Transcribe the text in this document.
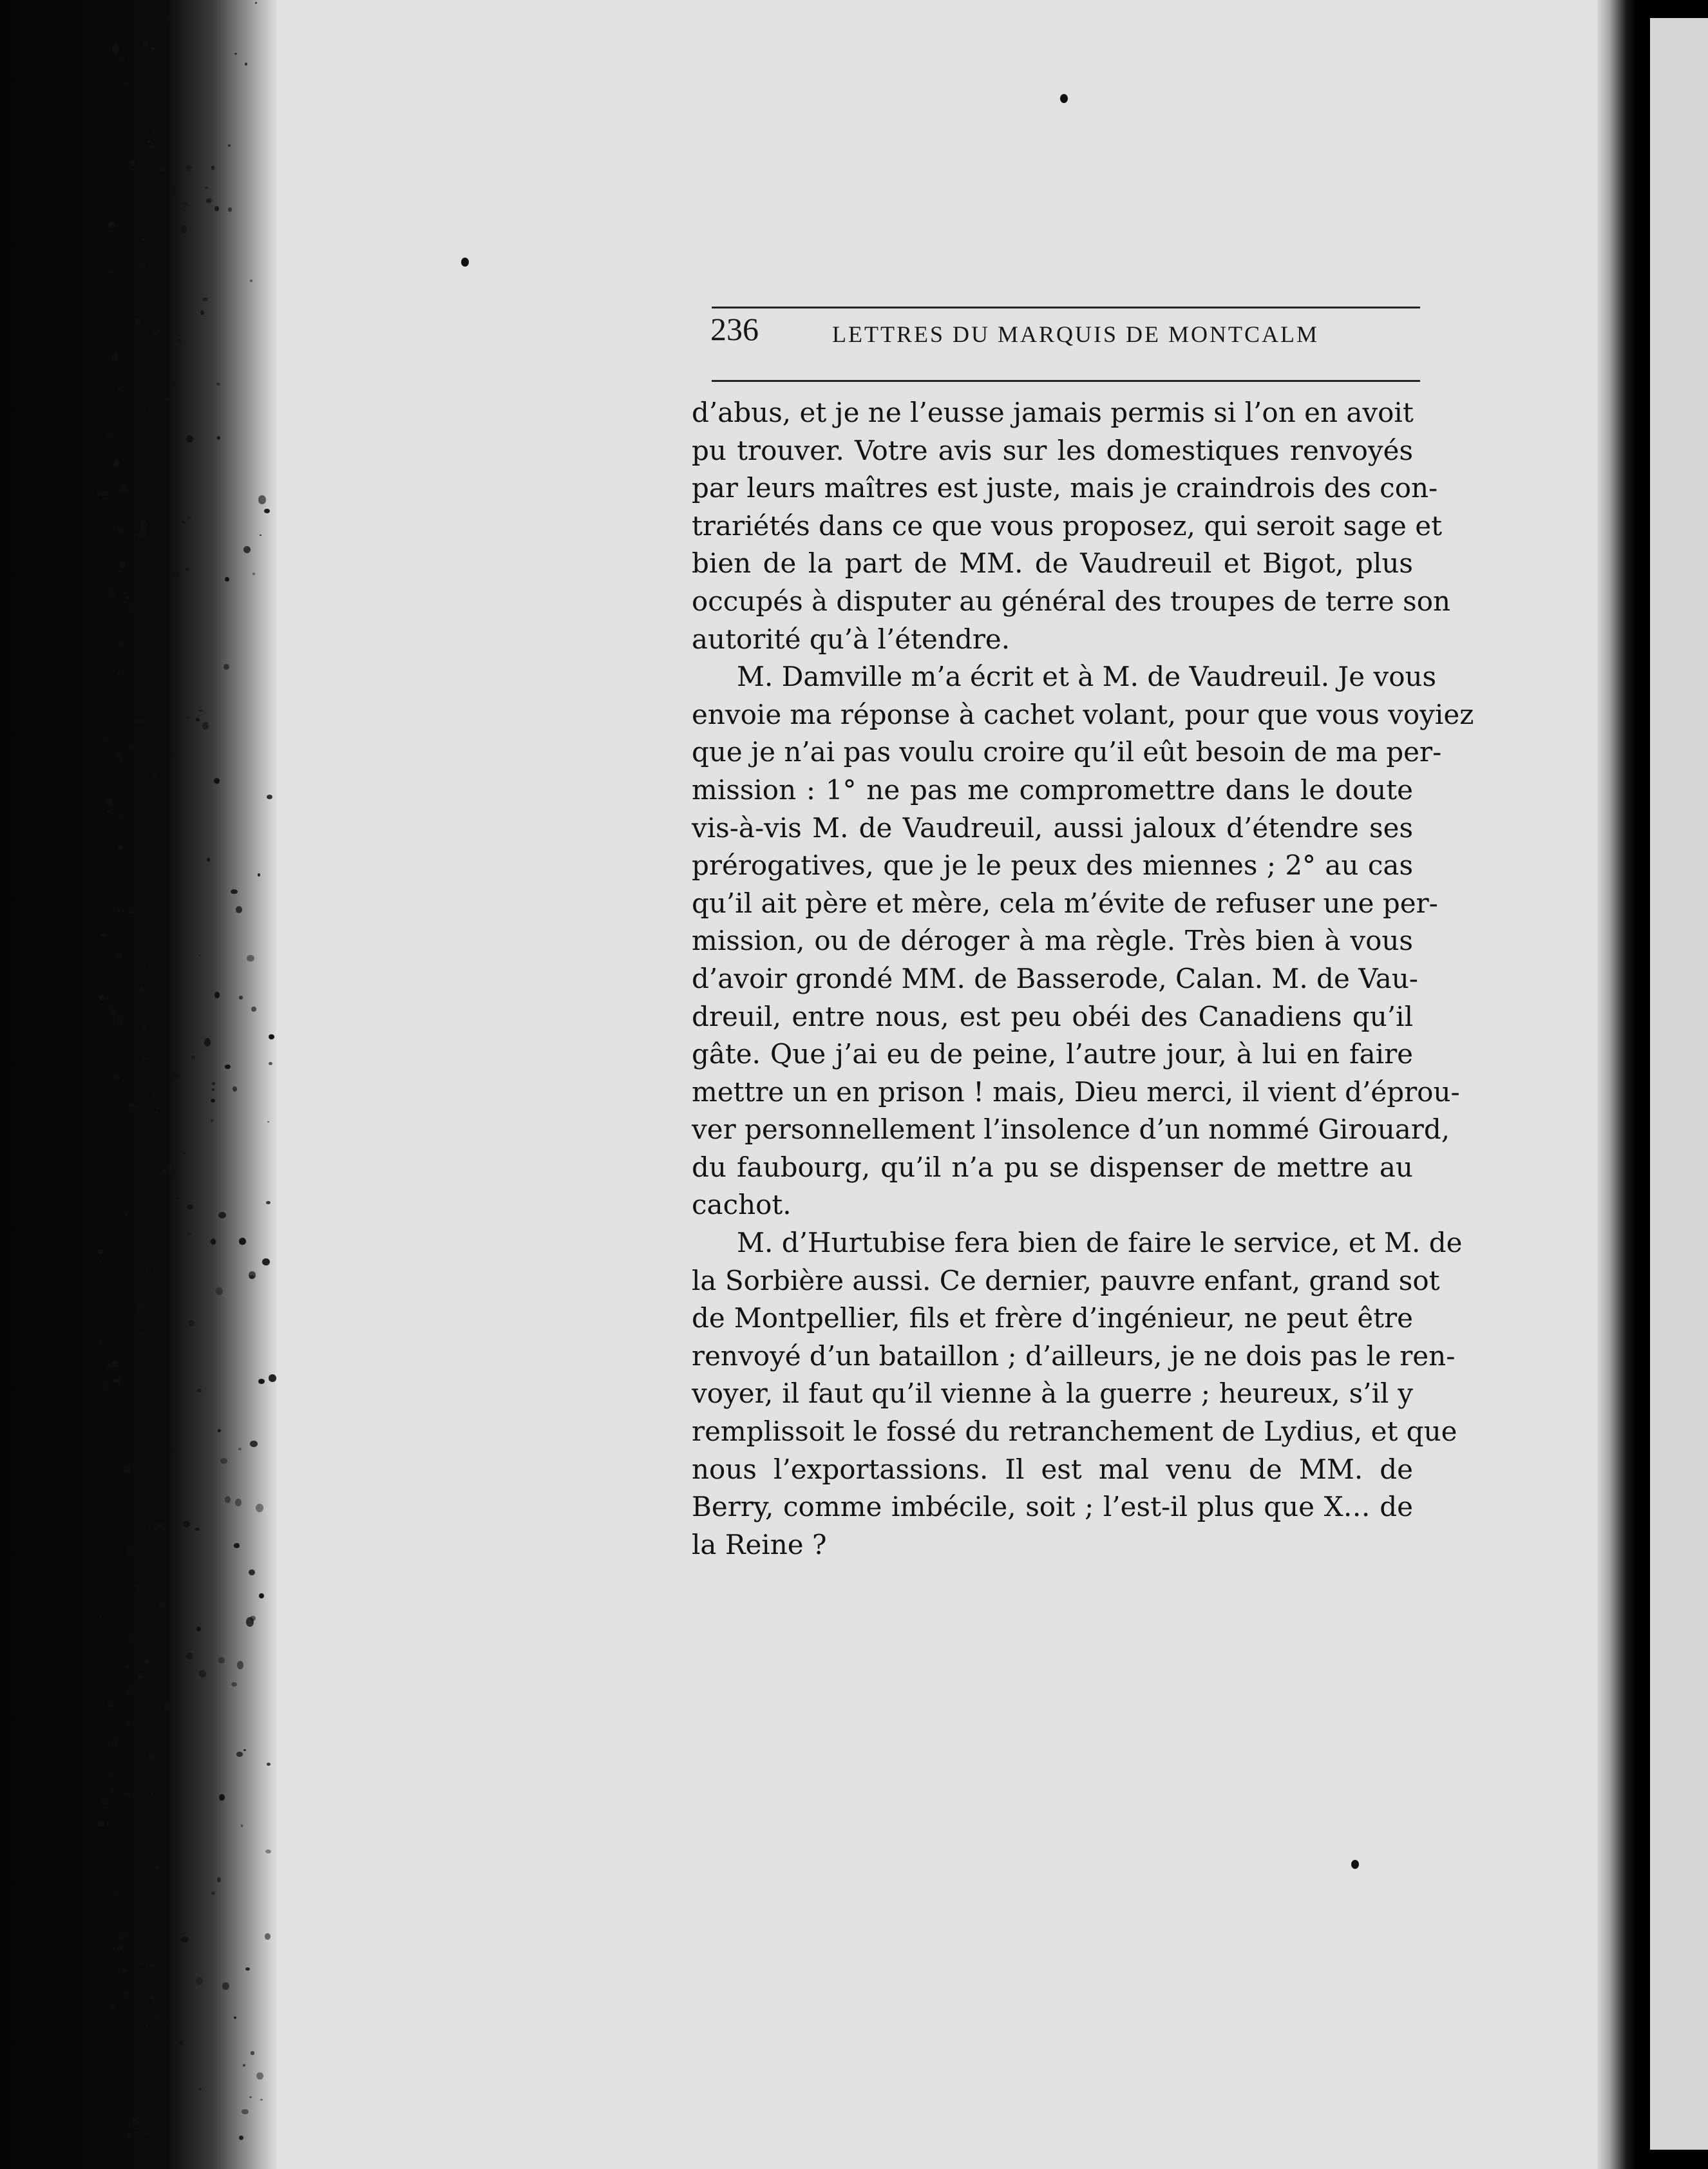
236	LETTRES DU MARQUIS DE MONTCALM
d’abus, et je ne l’eusse jamais permis si l’on en avoit
pu trouver. Votre avis sur les domestiques renvoyés
par leurs maîtres est juste, mais je craindrois des con-
trariétés dans ce que vous proposez, qui seroit sage et
bien de la part de MM. de Vaudreuil et Bigot, plus
occupés à disputer au général des troupes de terre son
autorité qu’à l’étendre.
M. Damville m’a écrit et à M. de Vaudreuil. Je vous
envoie ma réponse à cachet volant, pour que vous voyiez
que je n’ai pas voulu croire qu’il eût besoin de ma per-
mission : 1° ne pas me compromettre dans le doute
vis-à-vis M. de Vaudreuil, aussi jaloux d’étendre ses
prérogatives, que je le peux des miennes ; 2° au cas
qu’il ait père et mère, cela m’évite de refuser une per-
mission, ou de déroger à ma règle. Très bien à vous
d’avoir grondé MM. de Basserode, Calan. M. de Vau-
dreuil, entre nous, est peu obéi des Canadiens qu’il
gâte. Que j’ai eu de peine, l’autre jour, à lui en faire
mettre un en prison ! mais, Dieu merci, il vient d’éprou-
ver personnellement l’insolence d’un nommé Girouard,
du faubourg, qu’il n’a pu se dispenser de mettre au
cachot.
M. d’Hurtubise fera bien de faire le service, et M. de
la Sorbière aussi. Ce dernier, pauvre enfant, grand sot
de Montpellier, fils et frère d’ingénieur, ne peut être
renvoyé d’un bataillon ; d’ailleurs, je ne dois pas le ren-
voyer, il faut qu’il vienne à la guerre ; heureux, s’il y
remplissoit le fossé du retranchement de Lydius, et que
nous l’exportassions. Il est mal venu de MM. de
Berry, comme imbécile, soit ; l’est-il plus que X… de
la Reine ?
